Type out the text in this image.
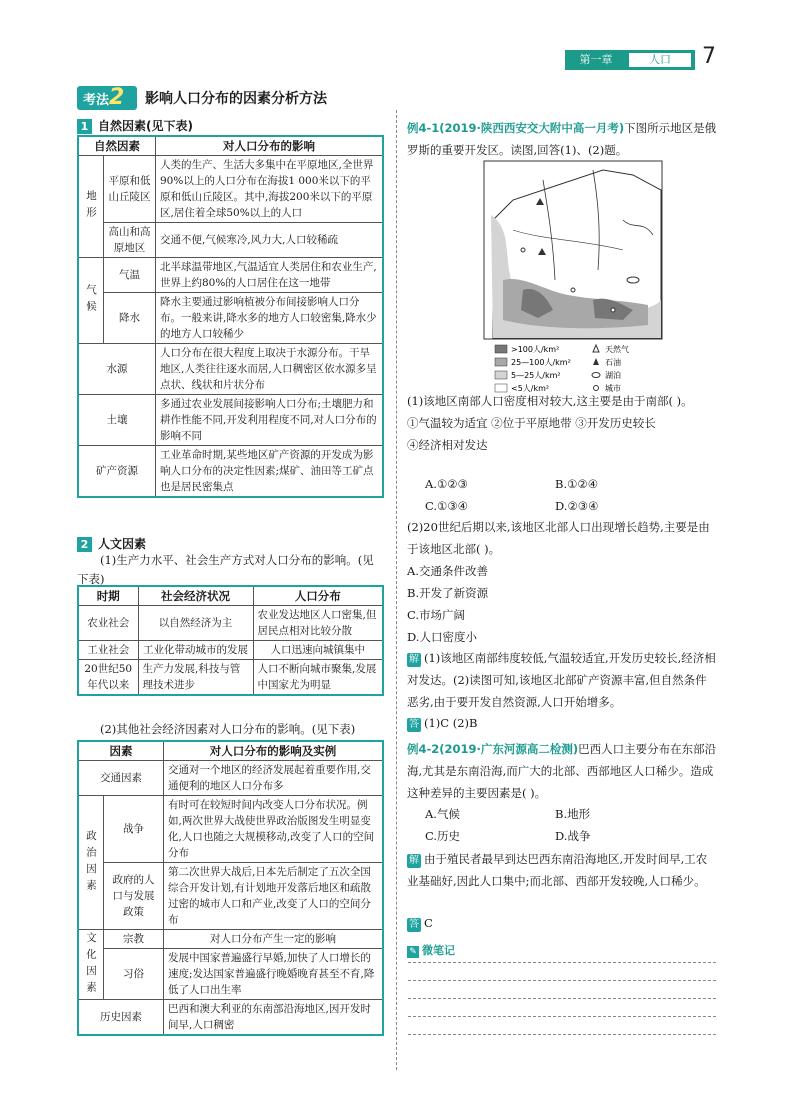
第一章	人口	7
考法2	影响人口分布的因素分析方法
1 自然因素(见下表)
自然因素		对人口分布的影响
地形	平原和低山丘陵区	人类的生产、生活大多集中在平原地区,全世界90%以上的人口分布在海拔1 000米以下的平原和低山丘陵区。其中,海拔200米以下的平原区,居住着全球50%以上的人口
	高山和高原地区	交通不便,气候寒冷,风力大,人口较稀疏
气候	气温	北半球温带地区,气温适宜人类居住和农业生产,世界上约80%的人口居住在这一地带
	降水	降水主要通过影响植被分布间接影响人口分布。一般来讲,降水多的地方人口较密集,降水少的地方人口较稀少
水源		人口分布在很大程度上取决于水源分布。干旱地区,人类往往逐水而居,人口稠密区依水源多呈点状、线状和片状分布
土壤		多通过农业发展间接影响人口分布;土壤肥力和耕作性能不同,开发利用程度不同,对人口分布的影响不同
矿产资源		工业革命时期,某些地区矿产资源的开发成为影响人口分布的决定性因素;煤矿、油田等工矿点也是居民密集点
2 人文因素

(1)生产力水平、社会生产方式对人口分布的影响。(见下表)

时期	社会经济状况	人口分布
农业社会	以自然经济为主	农业发达地区人口密集,但居民点相对比较分散
工业社会	工业化带动城市的发展	人口迅速向城镇集中
20世纪50年代以来	生产力发展,科技与管理技术进步	人口不断向城市聚集,发展中国家尤为明显

(2)其他社会经济因素对人口分布的影响。(见下表)

因素		对人口分布的影响及实例
交通因素		交通对一个地区的经济发展起着重要作用,交通便利的地区人口分布多
政治因素	战争	有时可在较短时间内改变人口分布状况。例如,两次世界大战使世界政治版图发生明显变化,人口也随之大规模移动,改变了人口的空间分布
	政府的人口与发展政策	第二次世界大战后,日本先后制定了五次全国综合开发计划,有计划地开发落后地区和疏散过密的城市人口和产业,改变了人口的空间分布
文化因素	宗教	对人口分布产生一定的影响
	习俗	发展中国家普遍盛行早婚,加快了人口增长的速度;发达国家普遍盛行晚婚晚育甚至不育,降低了人口出生率
历史因素		巴西和澳大利亚的东南部沿海地区,因开发时间早,人口稠密
例4-1(2019·陕西西安交大附中高一月考)下图所示地区是俄罗斯的重要开发区。读图,回答(1)、(2)题。
>100人/km²
25—100人/km²
5—25人/km²
<5人/km²
天然气
石油
湖泊
城市
(1)该地区南部人口密度相对较大,这主要是由于南部( )。
①气温较为适宜 ②位于平原地带 ③开发历史较长
④经济相对发达
A.①②③	B.①②④
C.①③④	D.②③④
(2)20世纪后期以来,该地区北部人口出现增长趋势,主要是由于该地区北部( )。
A.交通条件改善
B.开发了新资源
C.市场广阔
D.人口密度小
解 (1)该地区南部纬度较低,气温较适宜,开发历史较长,经济相对发达。(2)读图可知,该地区北部矿产资源丰富,但自然条件恶劣,由于要开发自然资源,人口开始增多。
答 (1)C (2)B
例4-2(2019·广东河源高二检测)巴西人口主要分布在东部沿海,尤其是东南沿海,而广大的北部、西部地区人口稀少。造成这种差异的主要因素是( )。
A.气候	B.地形
C.历史	D.战争
解 由于殖民者最早到达巴西东南沿海地区,开发时间早,工农业基础好,因此人口集中;而北部、西部开发较晚,人口稀少。
答 C
✎ 微笔记
